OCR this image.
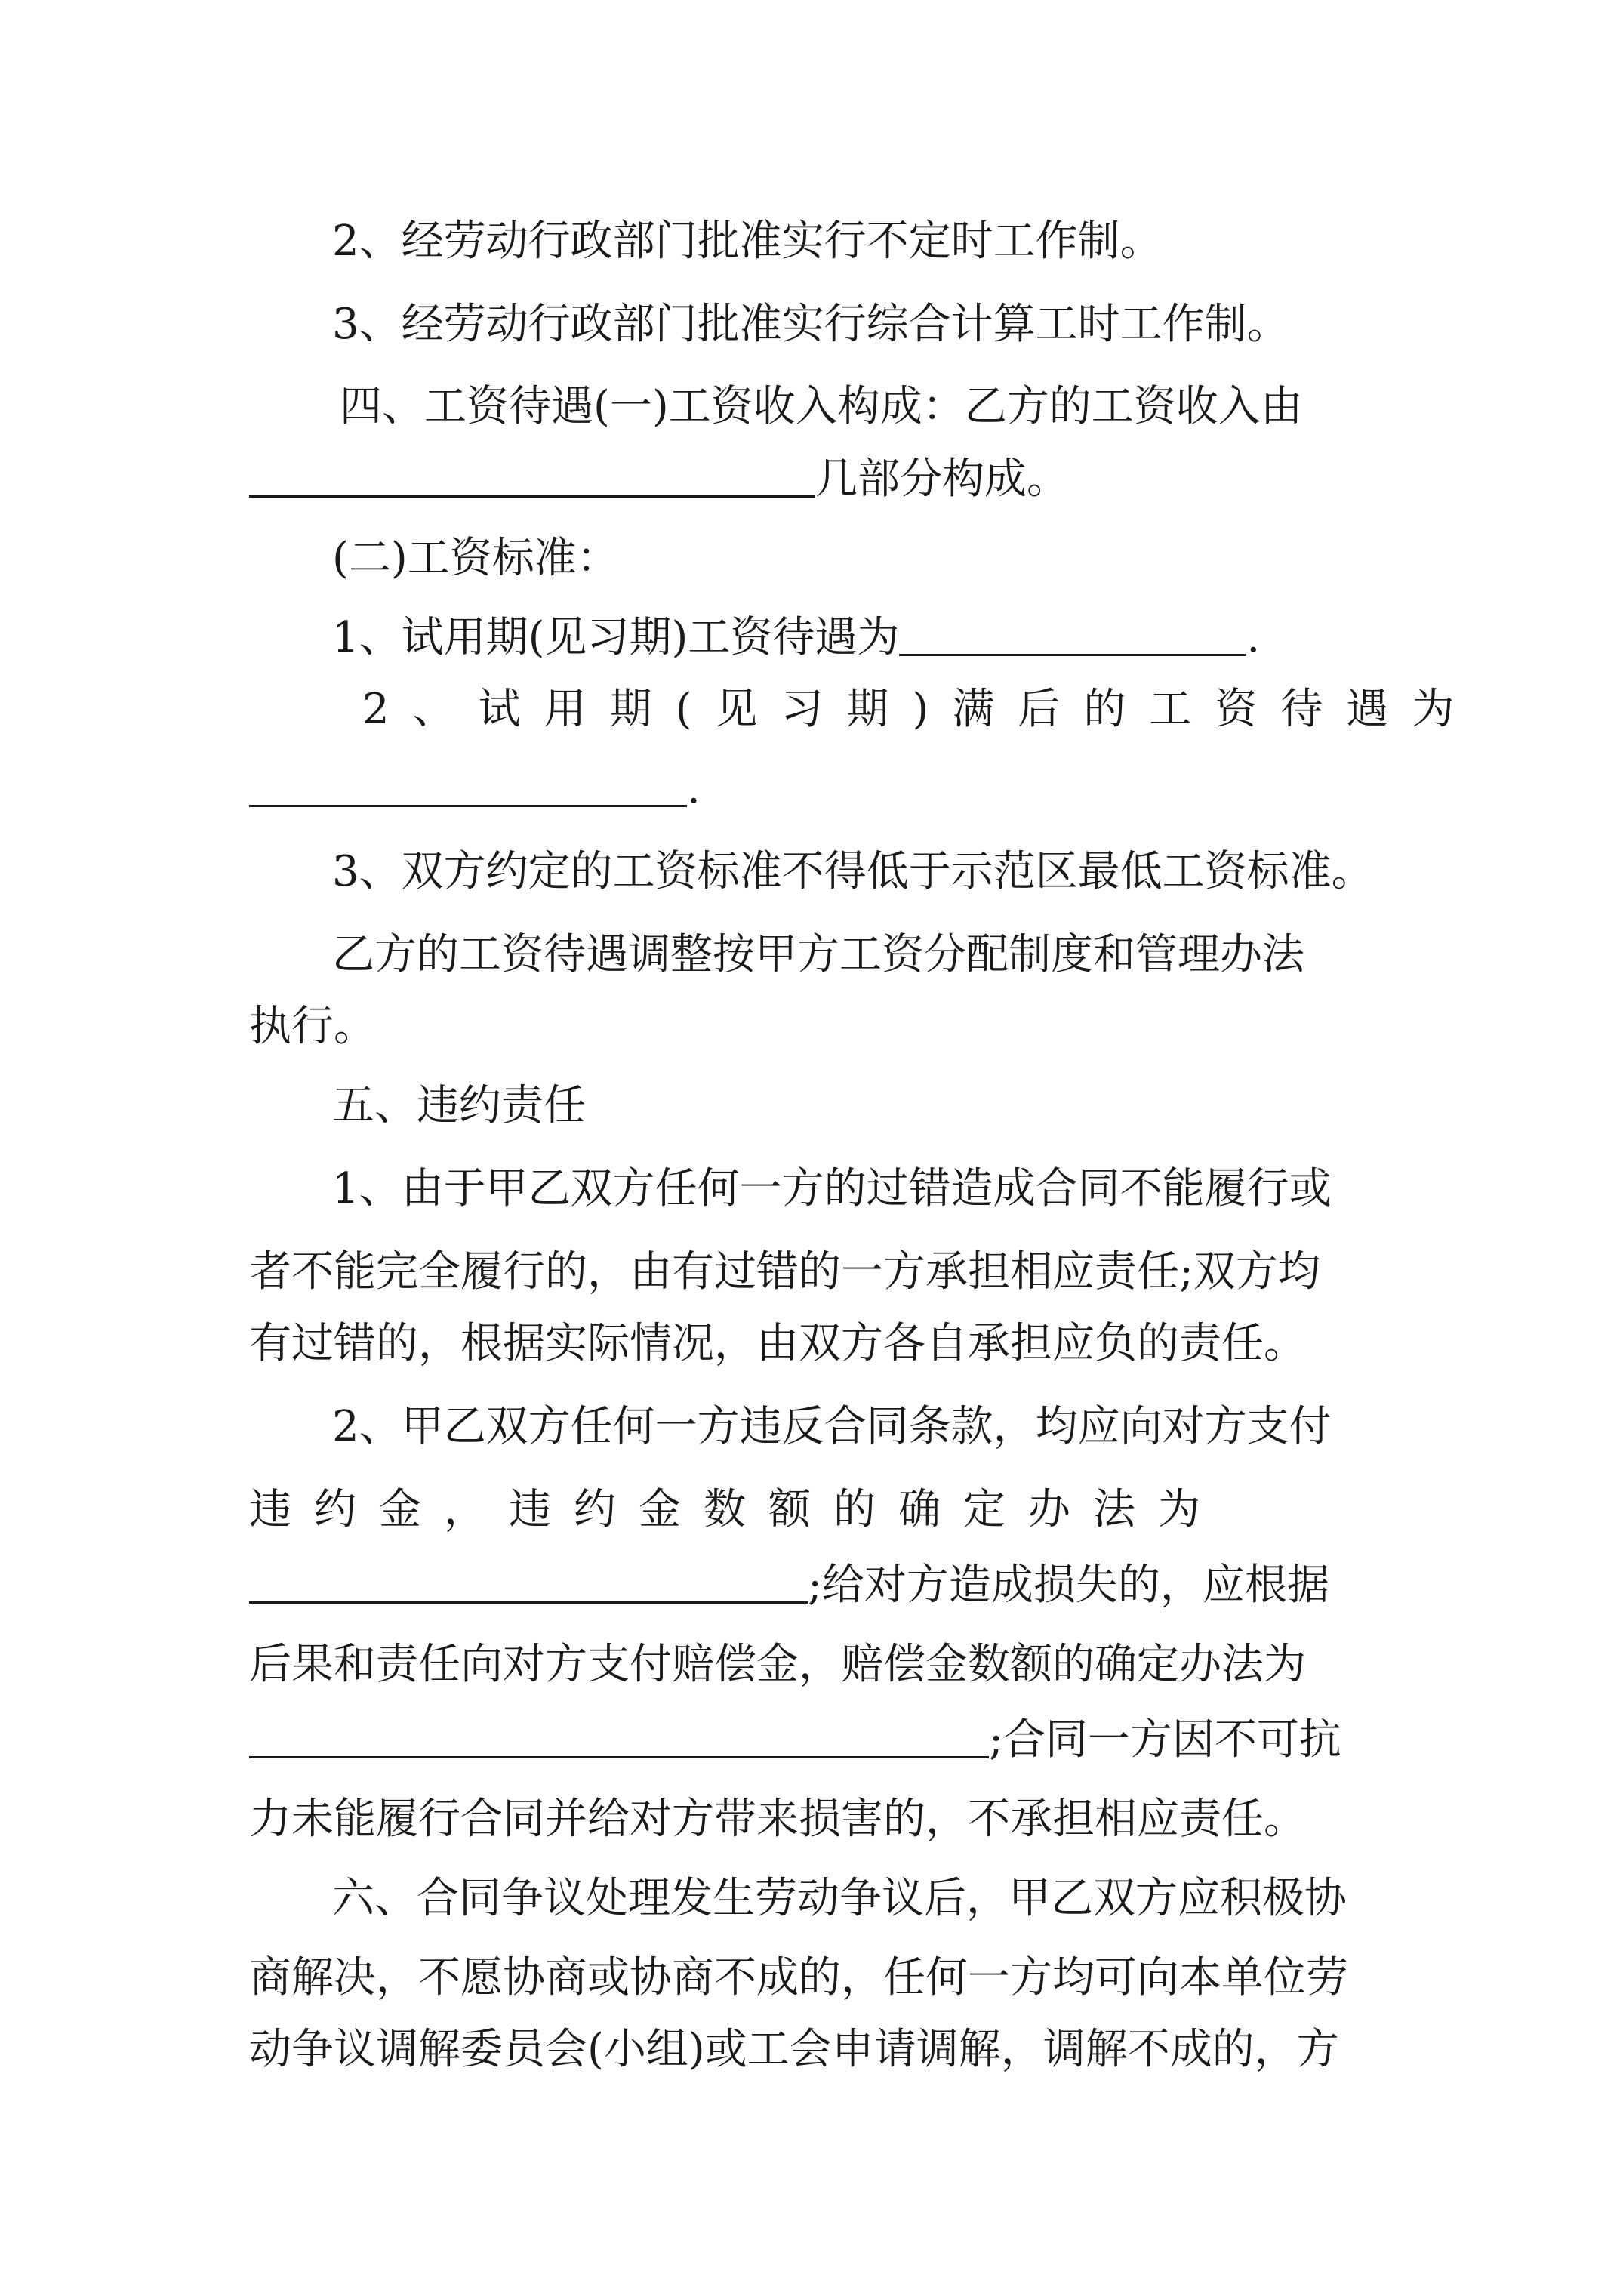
2、经劳动行政部门批准实行不定时工作制。
3、经劳动行政部门批准实行综合计算工时工作制。
四、工资待遇(一)工资收入构成：乙方的工资收入由
几部分构成。
(二)工资标准：
1、试用期(见习期)工资待遇为	.
2、试用期(见习期)满后的工资待遇为
.
3、双方约定的工资标准不得低于示范区最低工资标准。
乙方的工资待遇调整按甲方工资分配制度和管理办法
执行。
五、违约责任
1、由于甲乙双方任何一方的过错造成合同不能履行或
者不能完全履行的，由有过错的一方承担相应责任;双方均
有过错的，根据实际情况，由双方各自承担应负的责任。
2、甲乙双方任何一方违反合同条款，均应向对方支付
违约金，违约金数额的确定办法为
;给对方造成损失的，应根据
后果和责任向对方支付赔偿金，赔偿金数额的确定办法为
;合同一方因不可抗
力未能履行合同并给对方带来损害的，不承担相应责任。
六、合同争议处理发生劳动争议后，甲乙双方应积极协
商解决，不愿协商或协商不成的，任何一方均可向本单位劳
动争议调解委员会(小组)或工会申请调解，调解不成的，方
